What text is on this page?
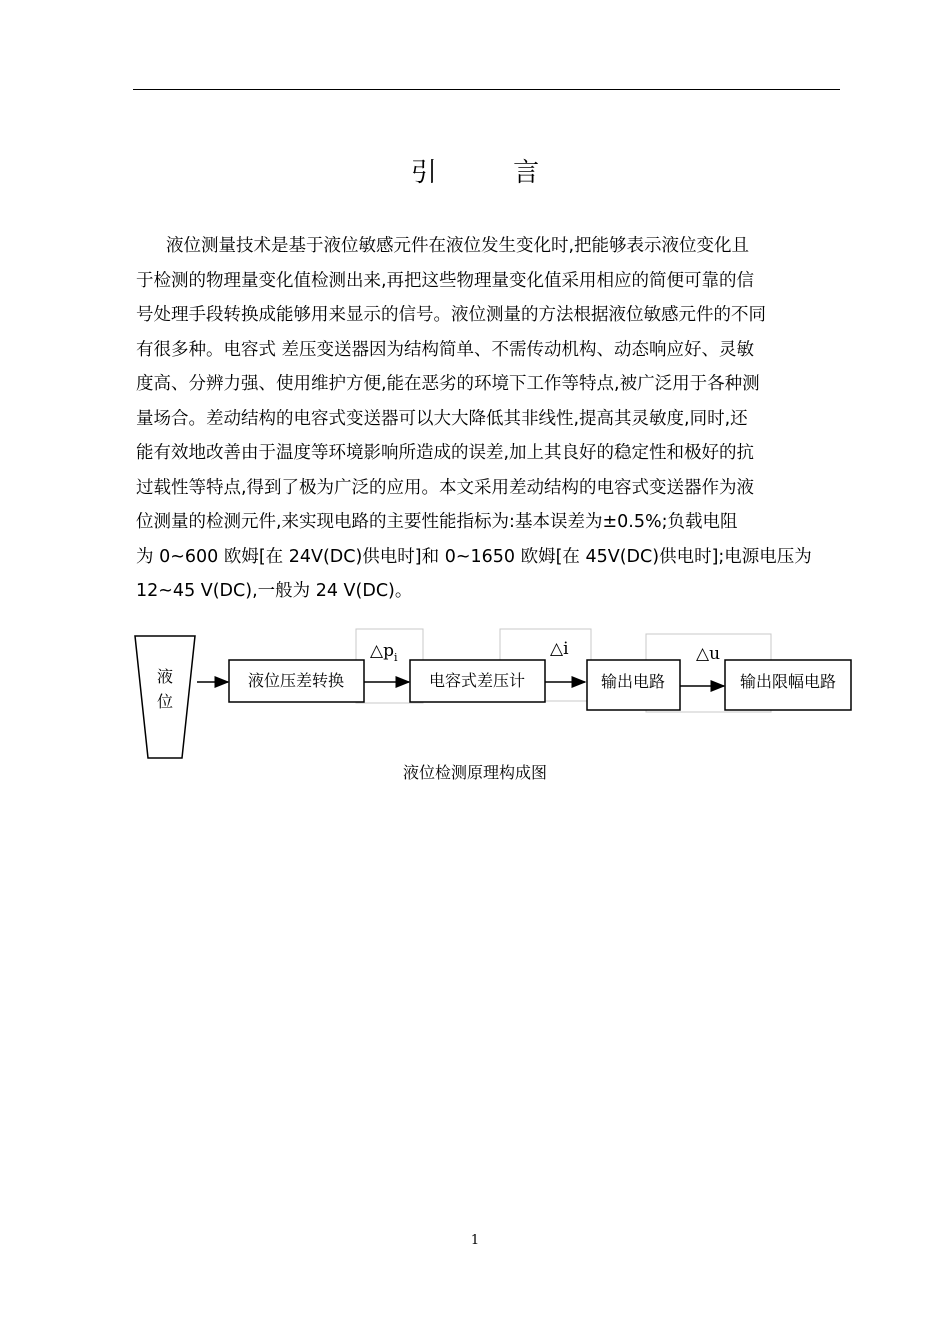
引 言
液位测量技术是基于液位敏感元件在液位发生变化时,把能够表示液位变化且
于检测的物理量变化值检测出来,再把这些物理量变化值采用相应的简便可靠的信
号处理手段转换成能够用来显示的信号。液位测量的方法根据液位敏感元件的不同
有很多种。电容式 差压变送器因为结构简单、不需传动机构、动态响应好、灵敏
度高、分辨力强、使用维护方便,能在恶劣的环境下工作等特点,被广泛用于各种测
量场合。差动结构的电容式变送器可以大大降低其非线性,提高其灵敏度,同时,还
能有效地改善由于温度等环境影响所造成的误差,加上其良好的稳定性和极好的抗
过载性等特点,得到了极为广泛的应用。本文采用差动结构的电容式变送器作为液
位测量的检测元件,来实现电路的主要性能指标为:基本误差为±0.5%;负载电阻
为 0~600 欧姆[在 24V(DC)供电时]和 0~1650 欧姆[在 45V(DC)供电时];电源电压为
12~45 V(DC),一般为 24 V(DC)。
液
位
液位压差转换
$\triangle p_i$
电容式差压计
△i
输出电路
△u
输出限幅电路
液位检测原理构成图
1
